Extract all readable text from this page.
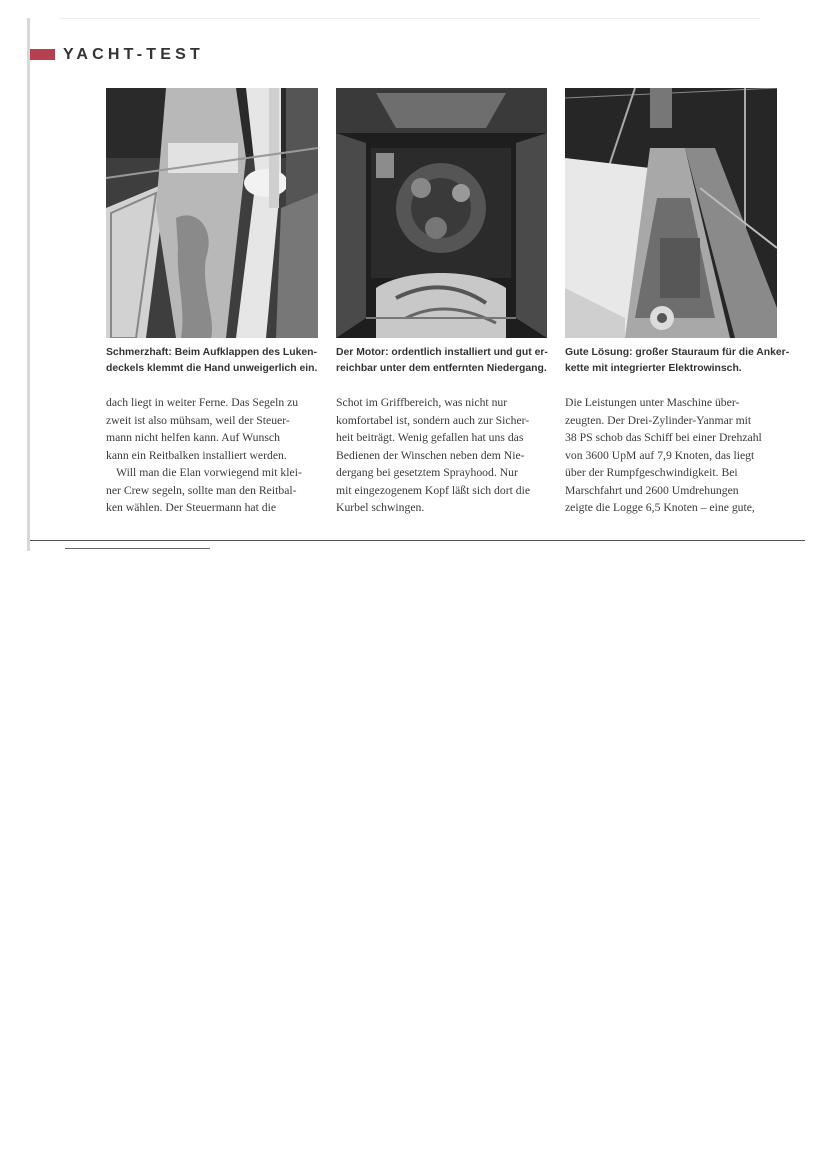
YACHT-TEST
Schmerzhaft: Beim Aufklappen des Luken-
deckels klemmt die Hand unweigerlich ein.
Der Motor: ordentlich installiert und gut er-
reichbar unter dem entfernten Niedergang.
Gute Lösung: großer Stauraum für die Anker-
kette mit integrierter Elektrowinsch.
dach liegt in weiter Ferne. Das Segeln zu
zweit ist also mühsam, weil der Steuer-
mann nicht helfen kann. Auf Wunsch
kann ein Reitbalken installiert werden.
Will man die Elan vorwiegend mit klei-
ner Crew segeln, sollte man den Reitbal-
ken wählen. Der Steuermann hat die
Schot im Griffbereich, was nicht nur
komfortabel ist, sondern auch zur Sicher-
heit beiträgt. Wenig gefallen hat uns das
Bedienen der Winschen neben dem Nie-
dergang bei gesetztem Sprayhood. Nur
mit eingezogenem Kopf läßt sich dort die
Kurbel schwingen.
Die Leistungen unter Maschine über-
zeugten. Der Drei-Zylinder-Yanmar mit
38 PS schob das Schiff bei einer Drehzahl
von 3600 UpM auf 7,9 Knoten, das liegt
über der Rumpfgeschwindigkeit. Bei
Marschfahrt und 2600 Umdrehungen
zeigte die Logge 6,5 Knoten – eine gute,
